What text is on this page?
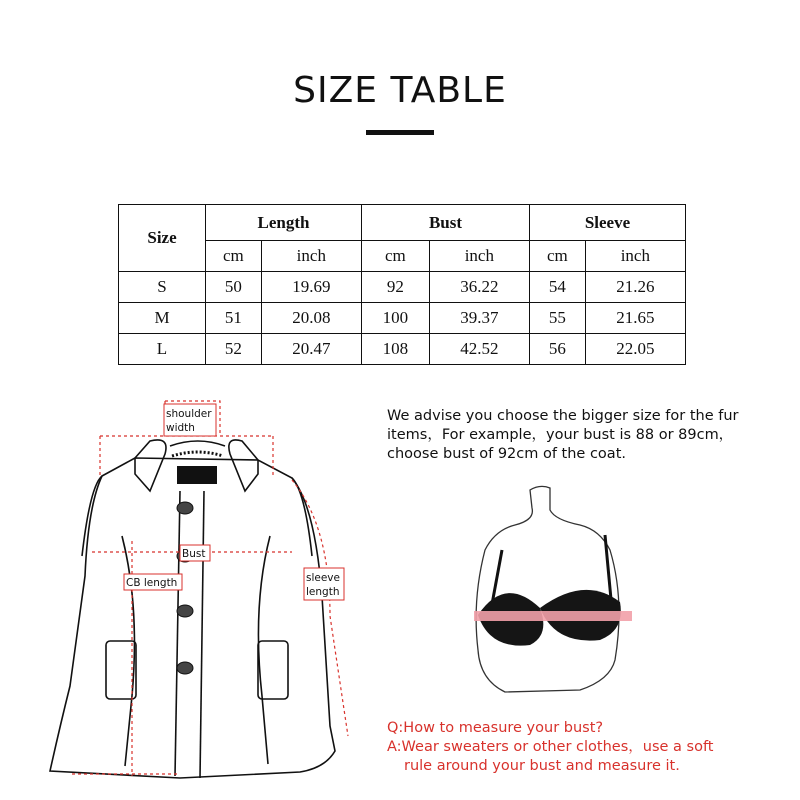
SIZE TABLE
Size	Length		Bust		Sleeve	
	cm	inch	cm	inch	cm	inch
S	50	19.69	92	36.22	54	21.26
M	51	20.08	100	39.37	55	21.65
L	52	20.47	108	42.52	56	22.05
shoulder
width
Bust
CB length	sleeve
length
We advise you choose the bigger size for the fur
items，For example，your bust is 88 or 89cm，
choose bust of 92cm of the coat.
Q:How to measure your bust?
A:Wear sweaters or other clothes，use a soft
rule around your bust and measure it.
